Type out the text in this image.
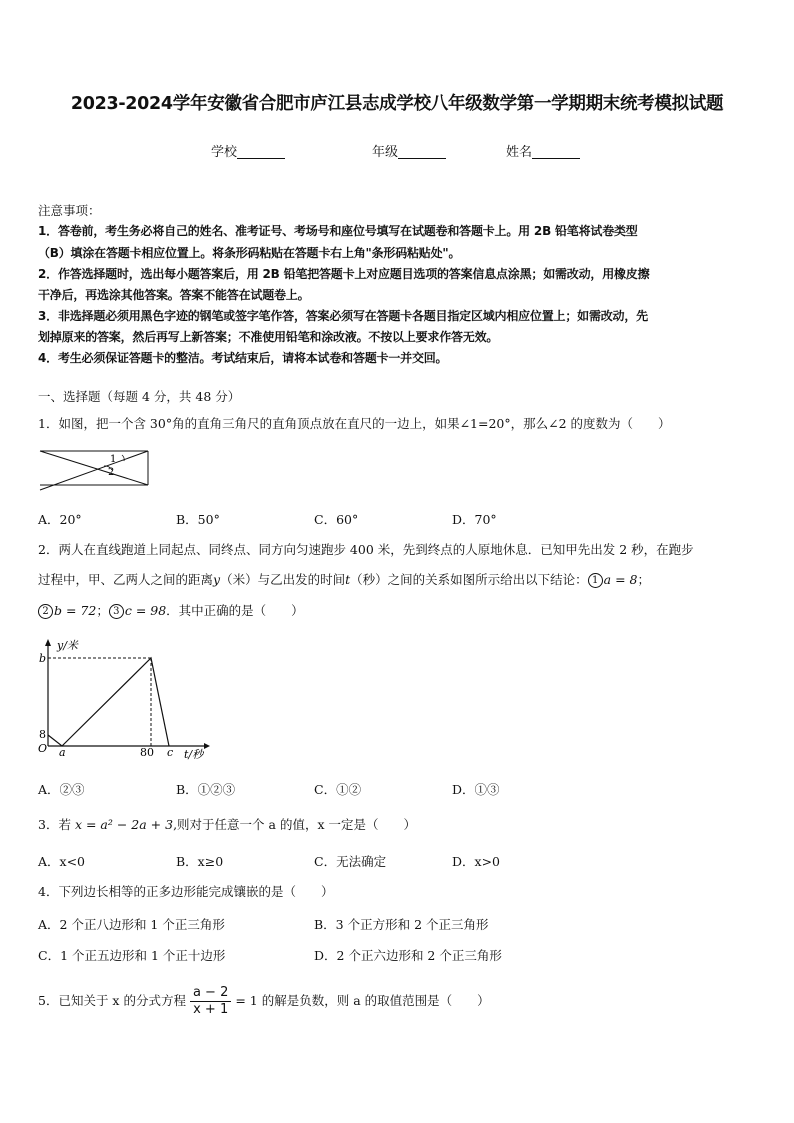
2023-2024学年安徽省合肥市庐江县志成学校八年级数学第一学期期末统考模拟试题
学校	年级	姓名
注意事项：
1．答卷前，考生务必将自己的姓名、准考证号、考场号和座位号填写在试题卷和答题卡上。用 2B 铅笔将试卷类型
（B）填涂在答题卡相应位置上。将条形码粘贴在答题卡右上角"条形码粘贴处"。
2．作答选择题时，选出每小题答案后，用 2B 铅笔把答题卡上对应题目选项的答案信息点涂黑；如需改动，用橡皮擦
干净后，再选涂其他答案。答案不能答在试题卷上。
3．非选择题必须用黑色字迹的钢笔或签字笔作答，答案必须写在答题卡各题目指定区域内相应位置上；如需改动，先
划掉原来的答案，然后再写上新答案；不准使用铅笔和涂改液。不按以上要求作答无效。
4．考生必须保证答题卡的整洁。考试结束后，请将本试卷和答题卡一并交回。
一、选择题（每题 4 分，共 48 分）
1．如图，把一个含 30°角的直角三角尺的直角顶点放在直尺的一边上，如果∠1=20°，那么∠2 的度数为（　　）
1
2
A．20°	B．50°	C．60°	D．70°
2．两人在直线跑道上同起点、同终点、同方向匀速跑步 400 米，先到终点的人原地休息．已知甲先出发 2 秒，在跑步
过程中，甲、乙两人之间的距离y（米）与乙出发的时间t（秒）之间的关系如图所示给出以下结论： 1 a = 8；
2 b = 72； 3 c = 98．其中正确的是（　　）
y/米
b
8
O a	80 c t/秒
A．②③	B．①②③	C．①②	D．①③
3．若 x = a² − 2a + 3,则对于任意一个 a 的值，x 一定是（　　）
A．x<0	B．x≥0	C．无法确定	D．x>0
4．下列边长相等的正多边形能完成镶嵌的是（　　）
A．2 个正八边形和 1 个正三角形	B．3 个正方形和 2 个正三角形
C．1 个正五边形和 1 个正十边形	D．2 个正六边形和 2 个正三角形
5．已知关于 x 的分式方程 $\frac{a - 2}{x + 1} = 1$ 的解是负数，则 a 的取值范围是（　　）
